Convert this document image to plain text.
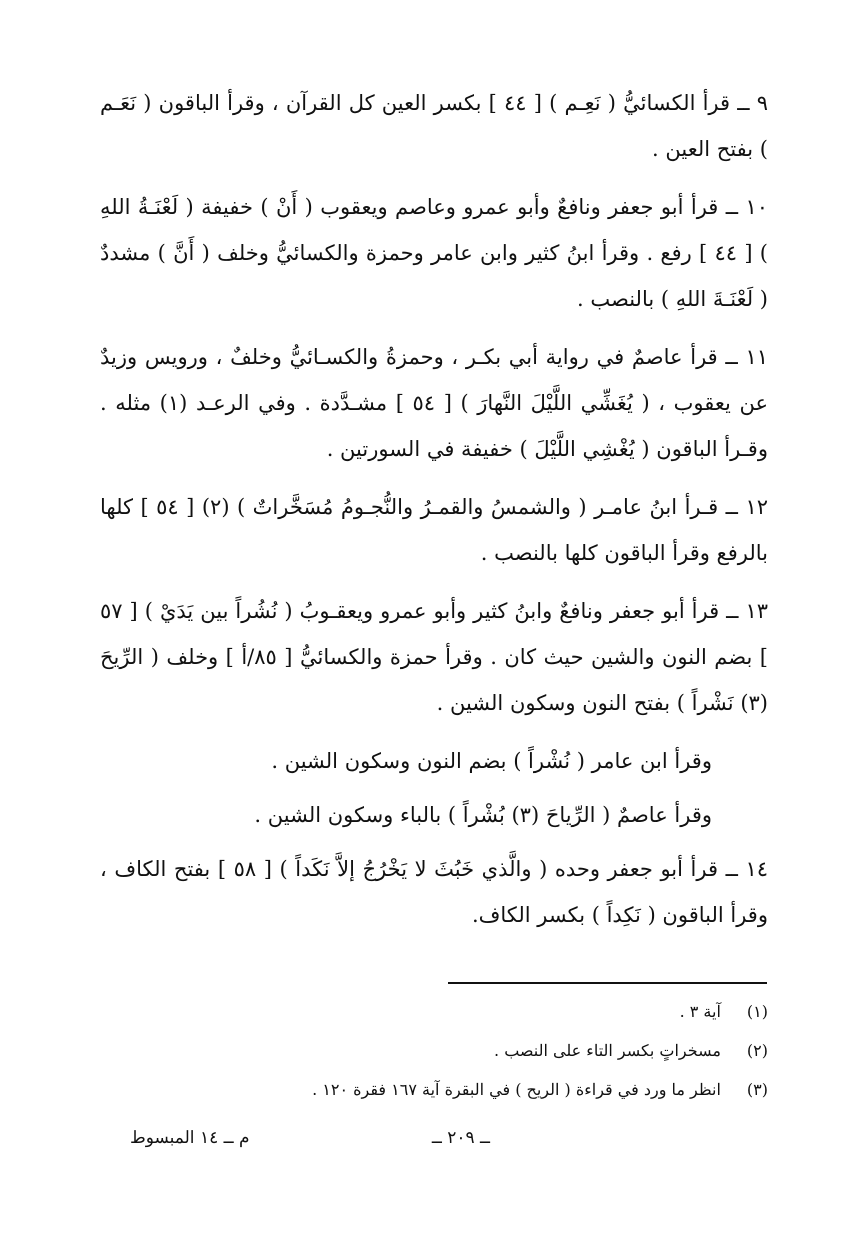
٩ ــ قرأ الكسائيُّ ( نَعِـم ) [ ٤٤ ] بكسر العين كل القرآن ، وقرأ الباقون ( نَعَـم ) بفتح العين .

١٠ ــ قرأ أبو جعفر ونافعٌ وأبو عمرو وعاصم ويعقوب ( أَنْ ) خفيفة ( لَعْنَـةُ اللهِ ) [ ٤٤ ] رفع . وقرأ ابنُ كثير وابن عامر وحمزة والكسائيُّ وخلف ( أَنَّ ) مشددٌ ( لَعْنَـةَ اللهِ ) بالنصب .

١١ ــ قرأ عاصمٌ في رواية أبي بكـر ، وحمزةُ والكسـائيُّ وخلفٌ ، ورويس وزيدٌ عن يعقوب ، ( يُغَشِّي اللَّيْلَ النَّهارَ ) [ ٥٤ ] مشـدَّدة . وفي الرعـد (١) مثله . وقـرأ الباقون ( يُغْشِي اللَّيْلَ ) خفيفة في السورتين .

١٢ ــ قـرأ ابنُ عامـر ( والشمسُ والقمـرُ والنُّجـومُ مُسَخَّراتٌ ) (٢) [ ٥٤ ] كلها بالرفع وقرأ الباقون كلها بالنصب .

١٣ ــ قرأ أبو جعفر ونافعٌ وابنُ كثير وأبو عمرو ويعقـوبُ ( نُشُراً بين يَدَيْ ) [ ٥٧ ] بضم النون والشين حيث كان . وقرأ حمزة والكسائيُّ [ ٨٥/أ ] وخلف ( الرِّيحَ (٣) نَشْراً ) بفتح النون وسكون الشين .

وقرأ ابن عامر ( نُشْراً ) بضم النون وسكون الشين .

وقرأ عاصمٌ ( الرِّياحَ (٣) بُشْراً ) بالباء وسكون الشين .

١٤ ــ قرأ أبو جعفر وحده ( والَّذي خَبُثَ لا يَخْرُجُ إلاَّ نَكَداً ) [ ٥٨ ] بفتح الكاف ، وقرأ الباقون ( نَكِداً ) بكسر الكاف.

(١) آية ٣ .
(٢) مسخراتٍ بكسر التاء على النصب .
(٣) انظر ما ورد في قراءة ( الريح ) في البقرة آية ١٦٧ فقرة ١٢٠ .
ــ ٢٠٩ ــ
م ــ ١٤ المبسوط
